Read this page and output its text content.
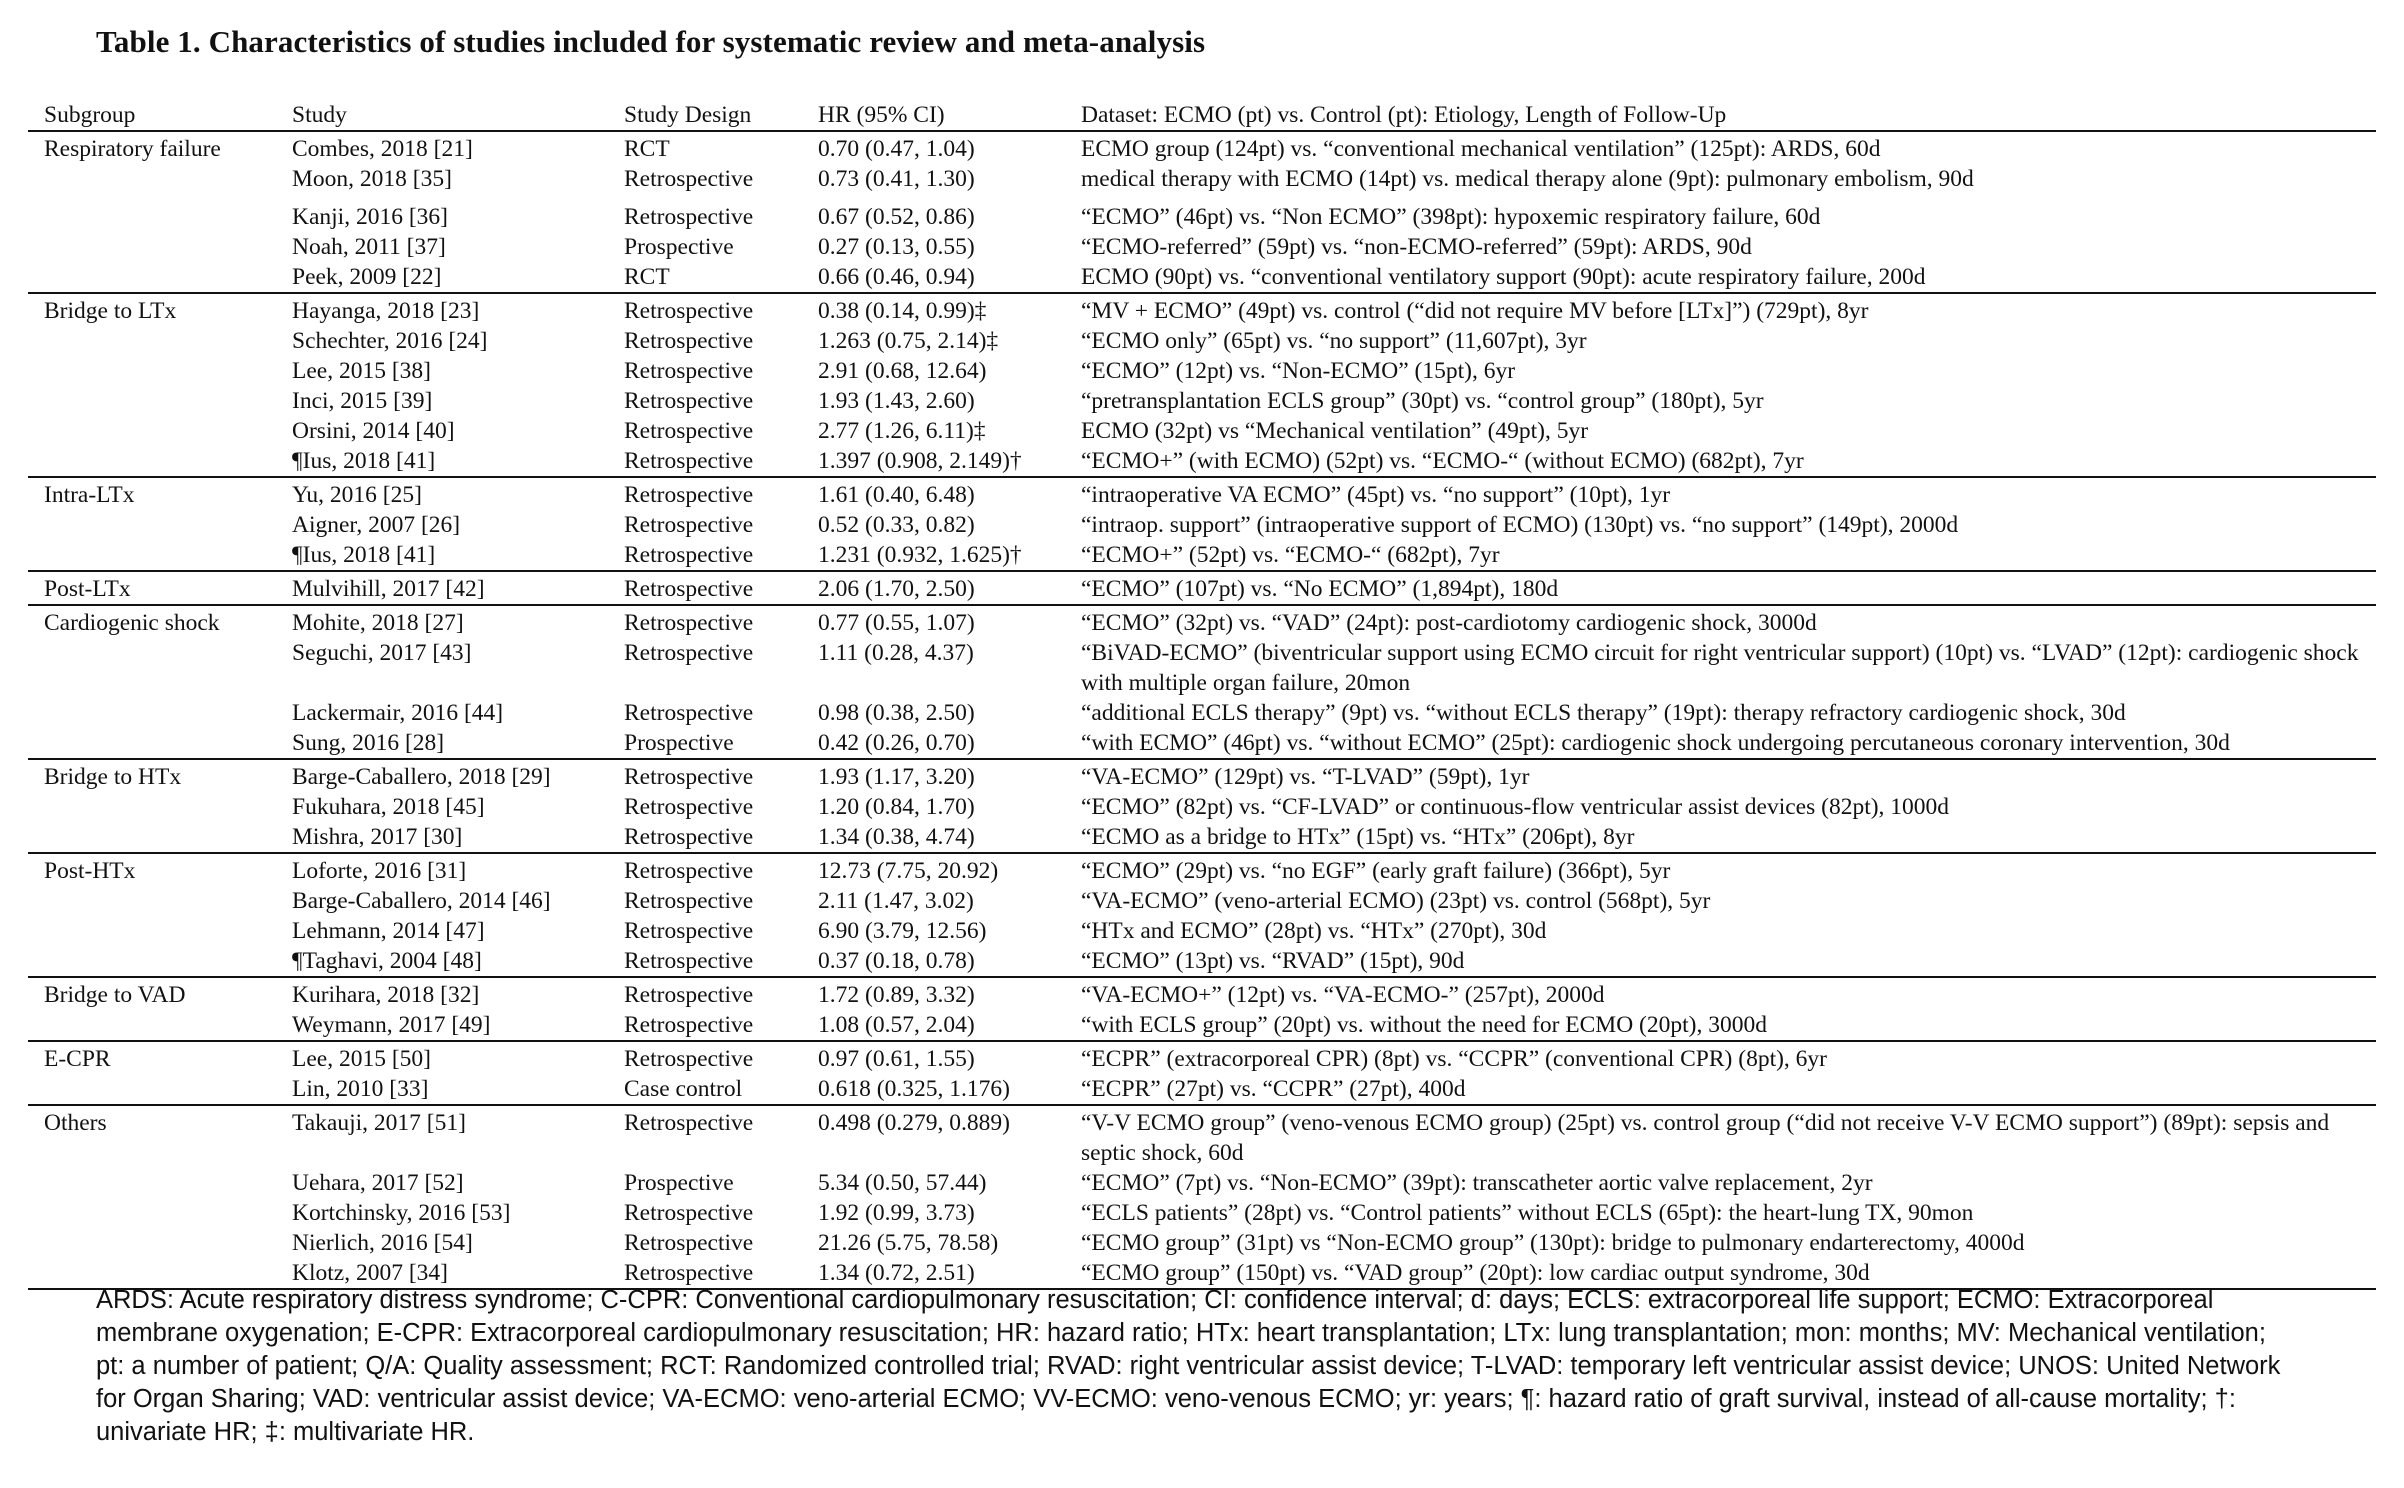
Table 1. Characteristics of studies included for systematic review and meta-analysis
Subgroup	Study	Study Design	HR (95% CI)	Dataset: ECMO (pt) vs. Control (pt): Etiology, Length of Follow-Up
Respiratory failure	Combes, 2018 [21]	RCT	0.70 (0.47, 1.04)	ECMO group (124pt) vs. “conventional mechanical ventilation” (125pt): ARDS, 60d
Moon, 2018 [35]	Retrospective	0.73 (0.41, 1.30)	medical therapy with ECMO (14pt) vs. medical therapy alone (9pt): pulmonary embolism, 90d
Kanji, 2016 [36]	Retrospective	0.67 (0.52, 0.86)	“ECMO” (46pt) vs. “Non ECMO” (398pt): hypoxemic respiratory failure, 60d
Noah, 2011 [37]	Prospective	0.27 (0.13, 0.55)	“ECMO-referred” (59pt) vs. “non-ECMO-referred” (59pt): ARDS, 90d
Peek, 2009 [22]	RCT	0.66 (0.46, 0.94)	ECMO (90pt) vs. “conventional ventilatory support (90pt): acute respiratory failure, 200d
Bridge to LTx	Hayanga, 2018 [23]	Retrospective	0.38 (0.14, 0.99)‡	“MV + ECMO” (49pt) vs. control (“did not require MV before [LTx]”) (729pt), 8yr
Schechter, 2016 [24]	Retrospective	1.263 (0.75, 2.14)‡	“ECMO only” (65pt) vs. “no support” (11,607pt), 3yr
Lee, 2015 [38]	Retrospective	2.91 (0.68, 12.64)	“ECMO” (12pt) vs. “Non-ECMO” (15pt), 6yr
Inci, 2015 [39]	Retrospective	1.93 (1.43, 2.60)	“pretransplantation ECLS group” (30pt) vs. “control group” (180pt), 5yr
Orsini, 2014 [40]	Retrospective	2.77 (1.26, 6.11)‡	ECMO (32pt) vs “Mechanical ventilation” (49pt), 5yr
¶Ius, 2018 [41]	Retrospective	1.397 (0.908, 2.149)†	“ECMO+” (with ECMO) (52pt) vs. “ECMO-“ (without ECMO) (682pt), 7yr
Intra-LTx	Yu, 2016 [25]	Retrospective	1.61 (0.40, 6.48)	“intraoperative VA ECMO” (45pt) vs. “no support” (10pt), 1yr
Aigner, 2007 [26]	Retrospective	0.52 (0.33, 0.82)	“intraop. support” (intraoperative support of ECMO) (130pt) vs. “no support” (149pt), 2000d
¶Ius, 2018 [41]	Retrospective	1.231 (0.932, 1.625)†	“ECMO+” (52pt) vs. “ECMO-“ (682pt), 7yr
Post-LTx	Mulvihill, 2017 [42]	Retrospective	2.06 (1.70, 2.50)	“ECMO” (107pt) vs. “No ECMO” (1,894pt), 180d
Cardiogenic shock	Mohite, 2018 [27]	Retrospective	0.77 (0.55, 1.07)	“ECMO” (32pt) vs. “VAD” (24pt): post-cardiotomy cardiogenic shock, 3000d
Seguchi, 2017 [43]	Retrospective	1.11 (0.28, 4.37)	“BiVAD-ECMO” (biventricular support using ECMO circuit for right ventricular support) (10pt) vs. “LVAD” (12pt): cardiogenic shock with multiple organ failure, 20mon
Lackermair, 2016 [44]	Retrospective	0.98 (0.38, 2.50)	“additional ECLS therapy” (9pt) vs. “without ECLS therapy” (19pt): therapy refractory cardiogenic shock, 30d
Sung, 2016 [28]	Prospective	0.42 (0.26, 0.70)	“with ECMO” (46pt) vs. “without ECMO” (25pt): cardiogenic shock undergoing percutaneous coronary intervention, 30d
Bridge to HTx	Barge-Caballero, 2018 [29]	Retrospective	1.93 (1.17, 3.20)	“VA-ECMO” (129pt) vs. “T-LVAD” (59pt), 1yr
Fukuhara, 2018 [45]	Retrospective	1.20 (0.84, 1.70)	“ECMO” (82pt) vs. “CF-LVAD” or continuous-flow ventricular assist devices (82pt), 1000d
Mishra, 2017 [30]	Retrospective	1.34 (0.38, 4.74)	“ECMO as a bridge to HTx” (15pt) vs. “HTx” (206pt), 8yr
Post-HTx	Loforte, 2016 [31]	Retrospective	12.73 (7.75, 20.92)	“ECMO” (29pt) vs. “no EGF” (early graft failure) (366pt), 5yr
Barge-Caballero, 2014 [46]	Retrospective	2.11 (1.47, 3.02)	“VA-ECMO” (veno-arterial ECMO) (23pt) vs. control (568pt), 5yr
Lehmann, 2014 [47]	Retrospective	6.90 (3.79, 12.56)	“HTx and ECMO” (28pt) vs. “HTx” (270pt), 30d
¶Taghavi, 2004 [48]	Retrospective	0.37 (0.18, 0.78)	“ECMO” (13pt) vs. “RVAD” (15pt), 90d
Bridge to VAD	Kurihara, 2018 [32]	Retrospective	1.72 (0.89, 3.32)	“VA-ECMO+” (12pt) vs. “VA-ECMO-” (257pt), 2000d
Weymann, 2017 [49]	Retrospective	1.08 (0.57, 2.04)	“with ECLS group” (20pt) vs. without the need for ECMO (20pt), 3000d
E-CPR	Lee, 2015 [50]	Retrospective	0.97 (0.61, 1.55)	“ECPR” (extracorporeal CPR) (8pt) vs. “CCPR” (conventional CPR) (8pt), 6yr
Lin, 2010 [33]	Case control	0.618 (0.325, 1.176)	“ECPR” (27pt) vs. “CCPR” (27pt), 400d
Others	Takauji, 2017 [51]	Retrospective	0.498 (0.279, 0.889)	“V-V ECMO group” (veno-venous ECMO group) (25pt) vs. control group (“did not receive V-V ECMO support”) (89pt): sepsis and septic shock, 60d
Uehara, 2017 [52]	Prospective	5.34 (0.50, 57.44)	“ECMO” (7pt) vs. “Non-ECMO” (39pt): transcatheter aortic valve replacement, 2yr
Kortchinsky, 2016 [53]	Retrospective	1.92 (0.99, 3.73)	“ECLS patients” (28pt) vs. “Control patients” without ECLS (65pt): the heart-lung TX, 90mon
Nierlich, 2016 [54]	Retrospective	21.26 (5.75, 78.58)	“ECMO group” (31pt) vs “Non-ECMO group” (130pt): bridge to pulmonary endarterectomy, 4000d
Klotz, 2007 [34]	Retrospective	1.34 (0.72, 2.51)	“ECMO group” (150pt) vs. “VAD group” (20pt): low cardiac output syndrome, 30d
ARDS: Acute respiratory distress syndrome; C-CPR: Conventional cardiopulmonary resuscitation; CI: confidence interval; d: days; ECLS: extracorporeal life support; ECMO: Extracorporeal membrane oxygenation; E-CPR: Extracorporeal cardiopulmonary resuscitation; HR: hazard ratio; HTx: heart transplantation; LTx: lung transplantation; mon: months; MV: Mechanical ventilation; pt: a number of patient; Q/A: Quality assessment; RCT: Randomized controlled trial; RVAD: right ventricular assist device; T-LVAD: temporary left ventricular assist device; UNOS: United Network for Organ Sharing; VAD: ventricular assist device; VA-ECMO: veno-arterial ECMO; VV-ECMO: veno-venous ECMO; yr: years; ¶: hazard ratio of graft survival, instead of all-cause mortality; †: univariate HR; ‡: multivariate HR.
